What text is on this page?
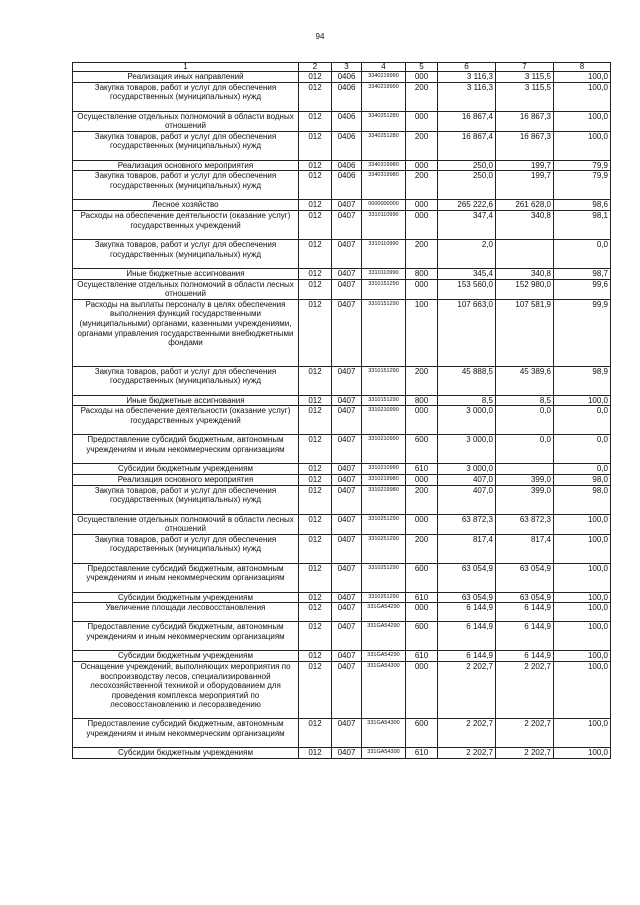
94
1	2	3	4	5	6	7	8
Реализация иных направлений	012	0406	3340219990	000	3 116,3	3 115,5	100,0
Закупка товаров, работ и услуг для обеспечения государственных (муниципальных) нужд	012	0406	3340219990	200	3 116,3	3 115,5	100,0
Осуществление отдельных полномочий в области водных отношений	012	0406	3340251280	000	16 867,4	16 867,3	100,0
Закупка товаров, работ и услуг для обеспечения государственных (муниципальных) нужд	012	0406	3340251280	200	16 867,4	16 867,3	100,0
Реализация основного мероприятия	012	0406	3340319980	000	250,0	199,7	79,9
Закупка товаров, работ и услуг для обеспечения государственных (муниципальных) нужд	012	0406	3340319980	200	250,0	199,7	79,9
Лесное хозяйство	012	0407	0000000000	000	265 222,6	261 628,0	98,6
Расходы на обеспечение деятельности (оказание услуг) государственных учреждений	012	0407	3310110990	000	347,4	340,8	98,1
Закупка товаров, работ и услуг для обеспечения государственных (муниципальных) нужд	012	0407	3310110990	200	2,0		0,0
Иные бюджетные ассигнования	012	0407	3310110990	800	345,4	340,8	98,7
Осуществление отдельных полномочий в области лесных отношений	012	0407	3310151290	000	153 560,0	152 980,0	99,6
Расходы на выплаты персоналу в целях обеспечения выполнения функций государственными (муниципальными) органами, казенными учреждениями, органами управления государственными внебюджетными фондами	012	0407	3310151290	100	107 663,0	107 581,9	99,9
Закупка товаров, работ и услуг для обеспечения государственных (муниципальных) нужд	012	0407	3310151290	200	45 888,5	45 389,6	98,9
Иные бюджетные ассигнования	012	0407	3310151290	800	8,5	8,5	100,0
Расходы на обеспечение деятельности (оказание услуг) государственных учреждений	012	0407	3310210990	000	3 000,0	0,0	0,0
Предоставление субсидий бюджетным, автономным учреждениям и иным некоммерческим организациям	012	0407	3310210990	600	3 000,0	0,0	0,0
Субсидии бюджетным учреждениям	012	0407	3310210990	610	3 000,0		0,0
Реализация основного мероприятия	012	0407	3310219980	000	407,0	399,0	98,0
Закупка товаров, работ и услуг для обеспечения государственных (муниципальных) нужд	012	0407	3310219980	200	407,0	399,0	98,0
Осуществление отдельных полномочий в области лесных отношений	012	0407	3310251290	000	63 872,3	63 872,3	100,0
Закупка товаров, работ и услуг для обеспечения государственных (муниципальных) нужд	012	0407	3310251290	200	817,4	817,4	100,0
Предоставление субсидий бюджетным, автономным учреждениям и иным некоммерческим организациям	012	0407	3310251290	600	63 054,9	63 054,9	100,0
Субсидии бюджетным учреждениям	012	0407	3310251290	610	63 054,9	63 054,9	100,0
Увеличение площади лесовосстановления	012	0407	331GA54290	000	6 144,9	6 144,9	100,0
Предоставление субсидий бюджетным, автономным учреждениям и иным некоммерческим организациям	012	0407	331GA54290	600	6 144,9	6 144,9	100,0
Субсидии бюджетным учреждениям	012	0407	331GA54290	610	6 144,9	6 144,9	100,0
Оснащение учреждений, выполняющих мероприятия по воспроизводству лесов, специализированной лесохозяйственной техникой и оборудованием для проведения комплекса мероприятий по лесовосстановлению и лесоразведению	012	0407	331GA54300	000	2 202,7	2 202,7	100,0
Предоставление субсидий бюджетным, автономным учреждениям и иным некоммерческим организациям	012	0407	331GA54300	600	2 202,7	2 202,7	100,0
Субсидии бюджетным учреждениям	012	0407	331GA54300	610	2 202,7	2 202,7	100,0
